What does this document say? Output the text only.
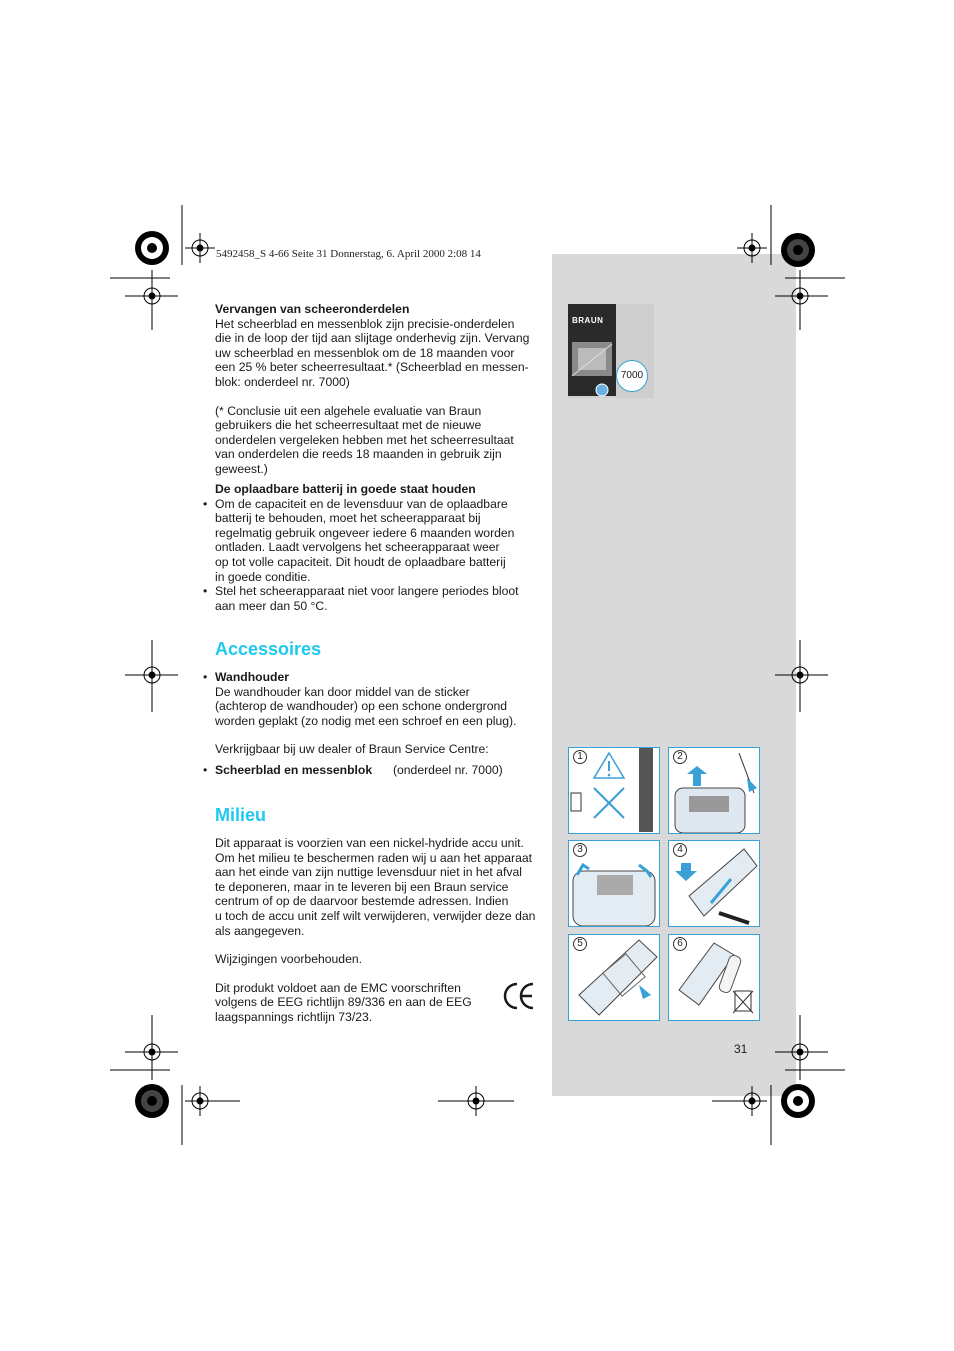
5492458_S 4-66 Seite 31 Donnerstag, 6. April 2000 2:08 14

Vervangen van scheeronderdelen

Het scheerblad en messenblok zijn precisie-onderdelen

die in de loop der tijd aan slijtage onderhevig zijn. Vervang

uw scheerblad en messenblok om de 18 maanden voor

een 25 % beter scheerresultaat.* (Scheerblad en messen-

blok: onderdeel nr. 7000)

(* Conclusie uit een algehele evaluatie van Braun

gebruikers die het scheerresultaat met de nieuwe

onderdelen vergeleken hebben met het scheerresultaat

van onderdelen die reeds 18 maanden in gebruik zijn

geweest.)

De oplaadbare batterij in goede staat houden

• Om de capaciteit en de levensduur van de oplaadbare

batterij te behouden, moet het scheerapparaat bij

regelmatig gebruik ongeveer iedere 6 maanden worden

ontladen. Laadt vervolgens het scheerapparaat weer

op tot volle capaciteit. Dit houdt de oplaadbare batterij

in goede conditie.

• Stel het scheerapparaat niet voor langere periodes bloot

aan meer dan 50 °C.

Accessoires

• Wandhouder

De wandhouder kan door middel van de sticker

(achterop de wandhouder) op een schone ondergrond

worden geplakt (zo nodig met een schroef en een plug).

Verkrijgbaar bij uw dealer of Braun Service Centre:

• Scheerblad en messenblok (onderdeel nr. 7000)
Milieu

Dit apparaat is voorzien van een nickel-hydride accu unit.

Om het milieu te beschermen raden wij u aan het apparaat

aan het einde van zijn nuttige levensduur niet in het afval

te deponeren, maar in te leveren bij een Braun service

centrum of op de daarvoor bestemde adressen. Indien

u toch de accu unit zelf wilt verwijderen, verwijder deze dan

als aangegeven.

Wijzigingen voorbehouden.

Dit produkt voldoet aan de EMC voorschriften

volgens de EEG richtlijn 89/336 en aan de EEG

laagspannings richtlijn 73/23.

BRAUN
7000
1	2
3	4
5	6
31
